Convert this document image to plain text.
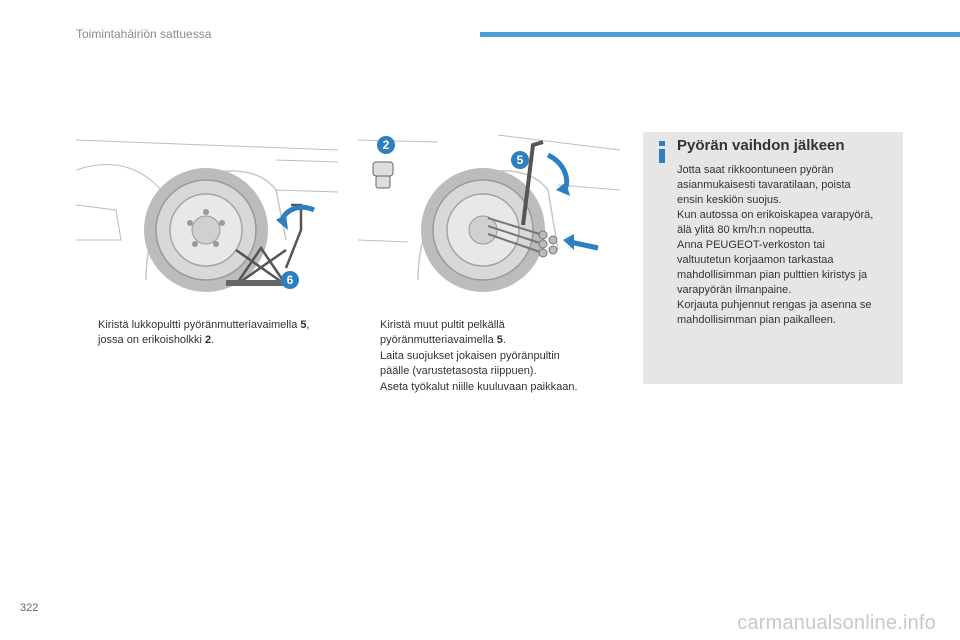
Toimintahäiriön sattuessa
6
2
5
Kiristä lukkopultti pyöränmutteriavaimella 5,
jossa on erikoisholkki 2.
Kiristä muut pultit pelkällä
pyöränmutteriavaimella 5.
Laita suojukset jokaisen pyöränpultin
päälle (varustetasosta riippuen).
Aseta työkalut niille kuuluvaan paikkaan.
Pyörän vaihdon jälkeen

Jotta saat rikkoontuneen pyörän

asianmukaisesti tavaratilaan, poista

ensin keskiön suojus.

Kun autossa on erikoiskapea varapyörä,

älä ylitä 80 km/h:n nopeutta.

Anna PEUGEOT-verkoston tai

valtuutetun korjaamon tarkastaa

mahdollisimman pian pulttien kiristys ja

varapyörän ilmanpaine.

Korjauta puhjennut rengas ja asenna se

mahdollisimman pian paikalleen.

322
carmanualsonline.info
